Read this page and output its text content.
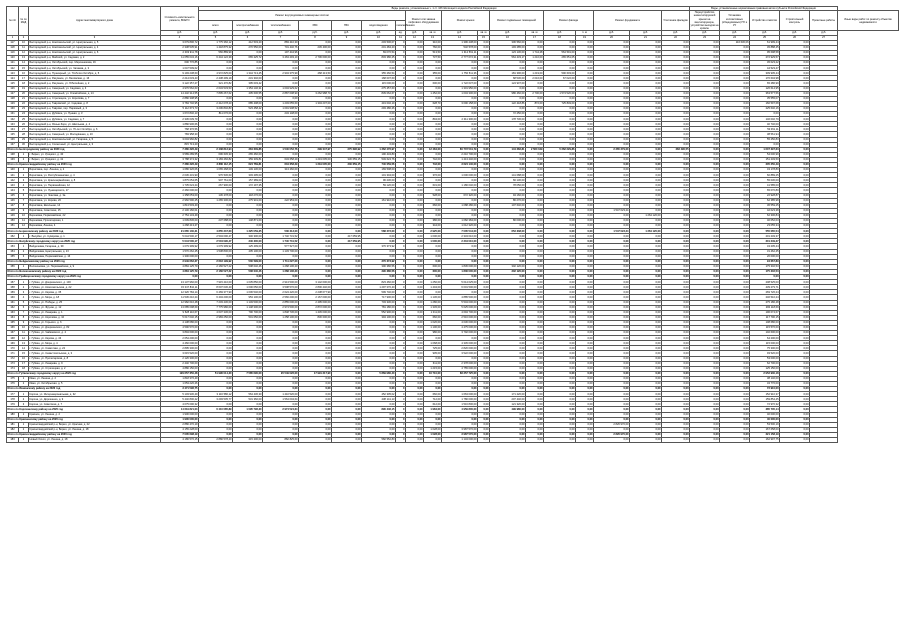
№ п/п	№ по МКД	Адрес многоквартирного дома	Стоимость капитального ремонта, ВСЕГО	Виды ремонта, установленные ч. 1 ст. 166 Жилищного кодекса Российской Федерации																		Виды, установленные нормативным правовым актом субъекта Российской Федерации					
				Ремонт внутридомовых инженерных систем							Ремонт или замена лифтового оборудования		Ремонт крыши		Ремонт подвальных помещений		Ремонт фасада		Ремонт фундамента		Утепление фасадов	Переустройство невентилируемой крыши на вентилируемую, устройство выходов на кровлю	Установка коллективных (общедомовых) ПУ и УУ	Устройство отмостки	Строительный контроль	Проектные работы	Иные виды работ по ремонту объектов недвижимости
				всего	электроснабжения	теплоснабжения	ХВС	ГВС	водоотведения	газоснабжения																	
			руб.	руб.	руб.	руб.	руб.	руб.	руб.	ед.	руб.	кв. м	руб.	кв. м	руб.	кв. м	руб.	п. м	руб.	руб.	руб.	руб.	руб.	руб.	руб.	руб.	
1	2	3	4	5	6	7	8	9	10	11	12	13	14	15	16	17	18	19	20	21	22	23	24	25	26	27	
117	10	Белгородский р-н, Комсомольский, ул. Центральная, д. 5	3 679 896,72	1 775 366,12	412 503,20	883 410,30	0,00	0,00	203 506,07	0	0,00	310,00	1 396 438,00	0,00	306 560,00	0,00	0,00	0,00	0,00	0,00	0,00	0,00	116 630,06	61 999,44	0,00		
118	11	Белгородский р-н, Комсомольский, ул. Центральная, д. 4	2 338 535,91	1 418 875,32	270 550,00	701 440,76	245 400,00	0,00	201 484,20	0	0,00	760,00	532 578,00	0,00	193 285,00	0,00	0,00	0,00	0,00	0,00	0,00	0,00	0,00	45 888,45	0,00		
119	12	Белгородский р-н, Комсомольский, ул. Центральная, д. 6	2 003 911,78	566 889,99	0,00	197 444,96	0,00	0,00	69 070,54	0	0,00	513,50	1 312 561,11	0,00	123 130,00	1 744,28	564 591,00	0,00	0,00	0,00	0,00	0,00	0,00	95 698,58	0,00		
120	13	Белгородский р-н, Майский, ул. Садовая, д. 2	11 055 034,16	6 444 122,39	665 225,72	3 463 493,10	2 706 600,00	0,00	803 380,25	0	0,00	737,50	2 777 672,31	0,00	564 433,17	1 210,00	265 651,05	0,00	0,00	0,00	0,00	0,00	0,00	272 929,57	0,00		
121	14	Белгородский р-н, Октябрьский, пер. Мирошникова, 16	600 776,85	0,00	0,00	0,00	0,00	0,00	0,00	0	0,00	0,00	0,00	0,00	0,00	0,00	0,00	0,00	0,00	0,00	0,00	0,00	0,00	45 023,22	0,00		
122	15	Белгородский р-н, Октябрьский, ул. Чапаева, д. 3	1 047 509,62	0,00	0,00	0,00	0,00	0,00	0,00	0	0,00	0,00	0,00	0,00	0,00	0,00	0,00	0,00	0,00	0,00	0,00	0,00	0,00	44 523,47	0,00		
123	16	Белгородский р-н, Пушкарный, ул. 70-Летия Октября, д. 5	9 193 238,60	4 972 825,00	1 344 713,45	2 904 375,99	468 213,50	0,00	355 260,54	0	0,00	355,00	1 750 511,36	0,00	181 396,00	1 219,00	590 603,00	0,00	0,00	0,00	0,00	0,00	0,00	309 905,44	0,00		
124	17	Белгородский р-н, Разумное, ул. Беловская, д. 16	2 214 033,43	2 438 499,19	231 302,00	0,00	0,00	0,00	168 007,60	0	0,00	0,00	0,00	0,00	68 530,00	2 016,00	67 022,00	0,00	0,00	0,00	0,00	0,00	0,00	170 604,98	0,00		
125	18	Белгородский р-н, Разумное, ул. Юбилейная, д. 2	3 122 357,27	321 470,82	395 003,42	0,00	0,00	0,00	115 000,00	0	0,00	600,00	1 722 637,00	0,00	124 907,00	0,00	0,00	0,00	0,00	0,00	0,00	0,00	0,00	65 286,99	0,00		
126	19	Белгородский р-н, Северный, ул. Садовая, д. 3	4 976 562,63	2 634 533,53	1 354 146,31	1 004 929,62	0,00	0,00	275 457,60	0	0,00	0,00	1 301 950,00	0,00	0,00	0,00	0,00	0,00	0,00	0,00	0,00	0,00	0,00	126 614,95	0,00		
127	20	Белгородский р-н, Северный, ул. Олимпийская, д. 14	14 432 314,55	7 895 267,62	405 606,55	2 887 608,90	3 262 988,70	0,00	839 062,67	0	0,00	1 452,00	1 004 300,00	0,00	986 460,00	2 700,00	1 574 520,00	0,00	0,00	0,00	0,00	0,00	0,00	363 577,56	0,00		
128	21	Белгородский р-н, Стрелецкое, ул. Королёва, д. 7	2 880 308,95	0,00	0,00	0,00	0,00	0,00	0,00	0	0,00	0,00	0,00	0,00	0,00	0,00	0,00	0,00	0,00	0,00	0,00	0,00	0,00	35 555,07	0,00		
129	22	Белгородский р-н, Тавровский, ул. Садовая, д. 8	3 784 702,95	2 412 078,23	685 408,00	1 203 655,60	1 304 207,00	0,00	419 002,10	0	0,00	628,70	3 090 158,00	0,00	122 418,86	872,00	725 849,00	0,00	0,00	0,00	0,00	0,00	0,00	160 597,68	0,00		
130	23	Белгородский р-н, Таврово, пер. Парковый, д. 3	5 112 673,73	3 206 802,83	523 458,42	1 091 908,52	0,00	0,00	293 480,26	0	0,00	0,00	0,00	0,00	0,00	0,00	0,00	0,00	0,00	0,00	0,00	0,00	0,00	225 640,16	0,00		
131	24	Белгородский р-н, Дубовое, ул. Лунная, д. 3	1 672 840,13	811 076,00	0,00	234 148,00	0,00	0,00	0,00	0	0,00	0,00	0,00	0,00	72 450,00	0,00	0,00	0,00	0,00	0,00	0,00	0,00	0,00	0,00	0,00		
132	25	Белгородский р-н, Дубовое, ул. Садовая, д. 7	2 336 039,79	0,00	0,00	0,00	0,00	0,00	0,00	0	0,00	894,00	2 011 300,00	0,00	178 736,00	0,00	0,00	0,00	0,00	0,00	0,00	0,00	0,00	146 002,79	0,00		
133	26	Белгородский р-н, Ясные Зори, ул. Школьная, д. 4	1 880 906,66	0,00	0,00	0,00	0,00	0,00	0,00	0	0,00	0,00	0,00	0,00	0,00	0,00	0,00	0,00	0,00	0,00	0,00	0,00	0,00	40 740,00	0,00		
134	27	Белгородский р-н, Октябрьский, ул. 70-лет Октября, д. 6	768 376,56	0,00	0,00	0,00	0,00	0,00	0,00	0	0,00	0,00	0,00	0,00	0,00	0,00	0,00	0,00	0,00	0,00	0,00	0,00	0,00	53 061,11	0,00		
135	28	Белгородский р-н, Северный, ул. Молодёжная, д. 10	783 958,30	0,00	0,00	0,00	0,00	0,00	0,00	0	0,00	0,00	0,00	0,00	0,00	0,00	0,00	0,00	0,00	0,00	0,00	0,00	0,00	38 561,94	0,00		
136	29	Белгородский р-н, Комсомольский, ул. Гагарина, д. 5	3 004 960,82	0,00	0,00	0,00	0,00	0,00	0,00	0	0,00	0,00	0,00	0,00	0,00	0,00	0,00	0,00	0,00	0,00	0,00	0,00	0,00	55 250,83	0,00		
137	30	Белгородский р-н, Солнечный, ул. Центральная, д. 3	815 713,20	0,00	0,00	0,00	0,00	0,00	0,00	0	0,00	0,00	0,00	0,00	0,00	0,00	0,00	0,00	0,00	0,00	0,00	0,00	0,00	0,00	0,00		
Итого по Белгородскому району на 2020 год			7 380 326,49	2 438 812,94	384 609,86	1 540 052,76	299 047,97	275 696,92	1 362 476,97	0	0,00	12 484,00	60 772 531,79	0,00	144 282,81	2 560 049	5 262 229,86	0,00	2 365 379,00	0,00	282 490,55	0,00	0,00	1 607 397,63	0,00		
138	1	г. Бирюч, ул. Урицкого, д. 40	3 589 289,55	696 645,33	265 460,00	0,00	0,00	0,00	190 434,80	0	0,00	0,00	2 210 700,00	0,00	0,00	0,00	0,00	0,00	0,00	0,00	0,00	0,00	0,00	54 000,99	0,00		
139	2	г. Бирюч, ул. Урицкого, д. 41	3 788 374,32	3 183 466,82	359 309,81	634 658,29	1 219 005,00	330 659,15	549 624,76	0	0,00	742,00	1 413 440,00	0,00	0,00	0,00	0,00	0,00	0,00	0,00	0,00	0,00	0,00	151 249,50	0,00		
Итого по Красногвардейскому району на 2020 год			7 380 326,49	3 880 112,15	624 769,81	634 658,29	1 219 005,00	330 659,15	740 059,56	0	0,00	742,00	3 624 140,00	0,00	0,00	0,00	0,00	0,00	0,00	0,00	0,00	0,00	0,00	205 250,49	0,00		
140	1	Борисовка, пер. Ленина, д. 2	1 686 326,06	1 065 468,00	149 130,00	313 260,00	0,00	0,00	169 508,00	0	0,00	0,00	0,00	0,00	0,00	0,00	0,00	0,00	0,00	0,00	0,00	0,00	0,00	43 178,80	0,00		
141	2	Борисовка, ул. Республиканская, д. 4	2 036 431,90	976 536,60	303 295,00	0,00	0,00	0,00	101 304,00	0	0,00	376,00	1 000 000,00	0,00	141 088,00	0,00	0,00	0,00	0,00	0,00	0,00	0,00	0,00	60 889,25	0,00		
142	3	Борисовка, ул. Красноармейская, д. 8	1 875 054,65	907 761,00	157 389,00	0,00	0,00	0,00	96 430,00	0	0,00	0,00	0,00	0,00	66 130,00	0,00	0,00	0,00	0,00	0,00	0,00	0,00	0,00	55 030,00	0,00		
143	4	Борисовка, ул. Первомайская, 12	1 735 624,24	267 900,00	172 197,35	0,00	0,00	0,00	59 120,00	0	0,00	631,00	1 180 040,00	0,00	78 050,00	0,00	0,00	0,00	0,00	0,00	0,00	0,00	0,00	41 585,00	0,00		
144	5	Борисовка, ул. Луначарского, 17	2 460 000,00	0,00	0,00	0,00	0,00	0,00	0,00	0	0,00	0,00	0,00	0,00	0,00	0,00	0,00	0,00	0,00	0,00	0,00	0,00	0,00	65 070,80	0,00		
145	6	Борисовка, ул. Чкалова, д. 3а	1 358 053,00	136 278,00	118 276,00	0,00	0,00	0,00	0,00	0	0,00	528,00	672 320,00	0,00	94 160,00	0,00	0,00	0,00	0,00	0,00	0,00	0,00	0,00	22 928,87	0,00		
146	7	Борисовка, ул. Кирова, 20	2 960 590,25	1 265 306,00	275 901,00	222 953,00	0,00	0,00	161 910,00	0	0,00	0,00	0,00	0,00	86 270,00	0,00	0,00	0,00	0,00	0,00	0,00	0,00	0,00	62 385,98	0,00		
147	8	Борисовка, Школьная, 14	1 813 503,40	0,00	0,00	0,00	0,00	0,00	0,00	0	0,00	666,00	1 088 480,00	0,00	107 640,00	0,00	0,00	0,00	0,00	0,00	0,00	0,00	0,00	36 559,25	0,00		
148	9	Борисовка, Советская, 15	2 146 160,01	0,00	0,00	0,00	0,00	0,00	0,00	0	0,00	0,00	0,00	0,00	0,00	0,00	0,00	0,00	1 547 023,24	0,00	0,00	0,00	0,00	42 023,38	0,00		
149	10	Березовка, Первомайская, 22	2 754 143,49	0,00	0,00	0,00	0,00	0,00	0,00	0	0,00	0,00	0,00	0,00	0,00	0,00	0,00	0,00	0,00	1 264 120,00	0,00	0,00	0,00	62 306,84	0,00		
150	11	Березовка, Пролетарская, 1	1 609 836,00	237 088,00	148 871,00	0,00	0,00	0,00	0,00	0	0,00	380,00	1 082 384,00	0,00	80 000,00	0,00	0,00	0,00	0,00	0,00	0,00	0,00	0,00	40 052,03	0,00		
151	12	Березовка, Ленина, 4	1 268 413,27	0,00	0,00	0,00	0,00	0,00	0,00	0	0,00	344,00	1 012 320,00	0,00	0,00	0,00	0,00	0,00	0,00	0,00	0,00	0,00	0,00	23 055,34	0,00		
Итого по Борисовскому району на 2020 год			21 665 130,31	4 855 337,60	1 325 059,35	536 213,00	0,00	0,00	588 272,00	0	0,00	2 925,00	7 035 544,00	0,00	653 338,00	0,00	0,00	0,00	1 547 023,24	1 264 120,00	0,00	0,00	0,00	555 065,54	0,00		
152	1	г. Валуйки, ул. Суворова, д. 1	5 044 500,17	2 504 090,47	346 300,00	1 740 731,52	0,00	417 059,95	0,00	0	0,00	1 000,00	2 334 010,00	0,00	0,00	0,00	0,00	0,00	0,00	0,00	0,00	0,00	0,00	201 249,37	0,00		
Итого по Валуйскому городскому округу на 2020 год			5 044 500,17	2 504 090,47	346 300,00	1 740 731,52	0,00	417 059,95	0,00	0	0,00	1 000,00	2 334 010,00	0,00	0,00	0,00	0,00	0,00	0,00	0,00	0,00	0,00	0,00	201 249,37	0,00		
153	1	Вейделевка, Гагарина, д. 39	1 079 399,92	1 079 399,92	125 499,00	577 527,00	0,00	0,00	376 373,92	0	0,00	0,00	0,00	0,00	0,00	0,00	0,00	0,00	0,00	0,00	0,00	0,00	0,00	43 205,44	0,00		
154	2	Вейделевка, Центральная, д. 13	1 570 262,45	1 538 800,00	405 100,00	1 133 700,00	0,00	0,00	0,00	0	0,00	0,00	0,00	0,00	0,00	0,00	0,00	0,00	0,00	0,00	0,00	0,00	0,00	31 462,45	0,00		
155	3	Вейделевка, Первомайская, д. 16	1 300 000,00	0,00	0,00	0,00	0,00	0,00	0,00	0	0,00	0,00	0,00	0,00	0,00	0,00	0,00	0,00	0,00	0,00	0,00	0,00	0,00	20 000,00	0,00		
Итого по Вейделевскому району на 2020 год			3 949 662,37	2 618 199,92	530 599,00	1 711 227,00	0,00	0,00	376 373,92	0	0,00	0,00	0,00	0,00	0,00	0,00	0,00	0,00	0,00	0,00	0,00	0,00	0,00	94 667,89	0,00		
156	1	Волоконовка, ул. Первомайская, д. 9	4 884 125,79	2 166 527,22	508 040,46	1 268 106,20	0,00	0,00	390 380,56	0	0,00	600,00	1 836 000,00	0,00	302 120,00	0,00	0,00	0,00	0,00	0,00	0,00	0,00	0,00	175 302,53	0,00		
Итого по Волоконовскому району на 2020 год			4 884 125,79	2 166 527,22	508 040,46	1 268 106,20	0,00	0,00	390 380,56	0	0,00	600,00	1 836 000,00	0,00	302 120,00	0,00	0,00	0,00	0,00	0,00	0,00	0,00	0,00	175 302,53	0,00		
Итого по Грайворонскому городскому округу на 2020 год			0,00	0,00	0,00	0,00	0,00	0,00	0,00	0	0,00	0,00	0,00	0,00	0,00	0,00	0,00	0,00	0,00	0,00	0,00	0,00	0,00	0,00	0,00		
157	1	г. Губкин, ул. Дзержинского, д. 103	13 137 960,00	7 915 410,00	1 035 850,00	2 913 500,00	3 142 600,00	0,00	823 460,00	0	0,00	1 250,00	5 014 025,00	0,00	0,00	0,00	0,00	0,00	0,00	0,00	0,00	0,00	0,00	208 525,00	0,00		
158	2	г. Губкин, ул. Комсомольская, д. 22	15 047 810,11	8 607 030,40	1 000 650,00	3 508 570,00	2 800 440,00	0,00	1 297 370,40	0	0,00	1 404,00	6 001 500,00	0,00	0,00	0,00	0,00	0,00	0,00	0,00	0,00	0,00	0,00	439 279,71	0,00		
159	3	г. Губкин, ул. Кирова, д. 35	12 326 784,14	6 469 377,90	1 006 540,00	2 624 420,00	2 238 677,90	0,00	599 740,00	0	0,00	0,00	0,00	0,00	0,00	0,00	0,00	0,00	0,00	0,00	0,00	0,00	0,00	269 726,24	0,00		
160	4	г. Губкин, ул. Мира, д. 18	11 536 210,24	6 404 200,00	953 100,00	2 566 200,00	2 167 000,00	0,00	717 900,00	0	0,00	1 136,00	4 885 500,00	0,00	0,00	0,00	0,00	0,00	0,00	0,00	0,00	0,00	0,00	246 510,24	0,00		
161	5	г. Губкин, ул. Победы, д. 25	12 982 616,48	7 203 430,00	1 149 500,00	2 855 000,00	2 495 600,00	0,00	703 330,00	0	0,00	1 280,00	5 504 000,00	0,00	0,00	0,00	0,00	0,00	0,00	0,00	0,00	0,00	0,00	275 186,48	0,00		
162	6	г. Губкин, ул. Фрунзе, д. 12	13 685 098,69	7 775 980,00	1 148 300,00	2 974 500,00	2 872 000,00	0,00	781 180,00	0	0,00	1 345,00	5 625 000,00	0,00	0,00	0,00	0,00	0,00	0,00	0,00	0,00	0,00	0,00	284 118,69	0,00		
163	7	г. Губкин, ул. Лазарева, д. 1	9 528 110,67	4 637 336,00	790 700,00	1 848 736,00	1 445 000,00	0,00	552 900,00	0	0,00	1 011,00	4 694 700,00	0,00	0,00	0,00	0,00	0,00	0,00	0,00	0,00	0,00	0,00	196 074,67	0,00		
164	8	г. Губкин, ул. Королёва, д. 10	5 617 040,15	2 983 250,00	501 050,00	1 258 100,00	830 000,00	0,00	394 100,00	0	0,00	660,00	2 516 000,00	0,00	0,00	0,00	0,00	0,00	0,00	0,00	0,00	0,00	0,00	117 790,15	0,00		
165	9	г. Губкин, ул. Горького, д. 6	4 138 680,00	0,00	0,00	0,00	0,00	0,00	0,00	0	0,00	1 020,00	4 030 000,00	0,00	0,00	0,00	0,00	0,00	0,00	0,00	0,00	0,00	0,00	108 680,00	0,00		
166	10	г. Губкин, ул. Дзержинского, д. 82	4 590 570,00	0,00	0,00	0,00	0,00	0,00	0,00	0	0,00	1 100,00	4 475 000,00	0,00	0,00	0,00	0,00	0,00	0,00	0,00	0,00	0,00	0,00	115 570,00	0,00		
167	11	г. Губкин, ул. Чайковского, д. 4	3 894 600,00	0,00	0,00	0,00	0,00	0,00	0,00	0	0,00	980,00	3 792 000,00	0,00	0,00	0,00	0,00	0,00	0,00	0,00	0,00	0,00	0,00	102 600,00	0,00		
168	12	г. Губкин, ул. Кирова, д. 43	2 654 200,00	0,00	0,00	0,00	0,00	0,00	0,00	0	0,00	0,00	0,00	0,00	0,00	0,00	0,00	0,00	0,00	0,00	0,00	0,00	0,00	64 200,00	0,00		
169	13	г. Губкин, ул. Мира, д. 4	4 460 000,00	0,00	0,00	0,00	0,00	0,00	0,00	0	0,00	1 068,00	4 345 000,00	0,00	0,00	0,00	0,00	0,00	0,00	0,00	0,00	0,00	0,00	115 000,00	0,00		
170	14	г. Губкин, ул. Советская, д. 22	2 895 300,00	0,00	0,00	0,00	0,00	0,00	0,00	0	0,00	725,00	2 820 000,00	0,00	0,00	0,00	0,00	0,00	0,00	0,00	0,00	0,00	0,00	75 300,00	0,00		
171	15	г. Губкин, ул. Севастопольская, д. 3	3 615 520,00	0,00	0,00	0,00	0,00	0,00	0,00	0	0,00	905,00	3 522 000,00	0,00	0,00	0,00	0,00	0,00	0,00	0,00	0,00	0,00	0,00	93 520,00	0,00		
172	16	г. Губкин, ул. Пролетарская, д. 8	2 126 300,00	0,00	0,00	0,00	0,00	0,00	0,00	0	0,00	0,00	0,00	0,00	0,00	0,00	0,00	0,00	0,00	0,00	0,00	0,00	0,00	53 000,00	0,00		
173	17	г. Губкин, ул. Лазарева, д. 9	2 440 700,00	0,00	0,00	0,00	0,00	0,00	0,00	0	0,00	611,00	2 378 000,00	0,00	0,00	0,00	0,00	0,00	0,00	0,00	0,00	0,00	0,00	62 700,00	0,00		
174	18	г. Губкин, ул. Стрелецкая, д. 2	4 880 150,00	0,00	0,00	0,00	0,00	0,00	0,00	0	0,00	1 215,00	4 755 000,00	0,00	0,00	0,00	0,00	0,00	0,00	0,00	0,00	0,00	0,00	125 150,00	0,00		
Итого по Губкинскому городскому округу на 2020 год			129 657 650,48	51 996 014,30	7 585 690,00	20 549 026,00	17 991 317,90	0,00	5 869 980,40	0	0,00	16 710,00	68 357 725,00	0,00	0,00	0,00	0,00	0,00	0,00	0,00	0,00	0,00	0,00	2 952 930,18	0,00		
175	1	Ивня, ул. Ленина, д. 2	1 818 376,49	0,00	0,00	0,00	0,00	0,00	0,00	0	0,00	0,00	0,00	0,00	0,00	0,00	0,00	0,00	0,00	0,00	0,00	0,00	0,00	38 140,00	0,00		
176	2	Ивня, ул. Октябрьская, д. 5	1 653 220,26	0,00	0,00	0,00	0,00	0,00	0,00	0	0,00	0,00	0,00	0,00	0,00	0,00	0,00	0,00	0,00	0,00	0,00	0,00	0,00	34 770,00	0,00		
Итого по Ивнянскому району на 2020 год			3 471 596,75	0,00	0,00	0,00	0,00	0,00	0,00	0	0,00	0,00	0,00	0,00	0,00	0,00	0,00	0,00	0,00	0,00	0,00	0,00	0,00	72 910,00	0,00		
177	1	Короча, ул. Интернациональная, д. 32	5 103 930,49	3 116 580,12	564 436,30	1 410 520,00	0,00	0,00	452 305,02	0	0,00	660,00	1 663 000,00	0,00	171 220,00	0,00	0,00	0,00	0,00	0,00	0,00	0,00	0,00	152 910,37	0,00		
178	2	Короча, ул. Дорошенко, д. 9	5 440 800,22	3 293 505,77	531 360,00	1 564 004,64	0,00	0,00	438 141,13	0	0,00	712,00	1 780 000,00	0,00	207 440,00	0,00	0,00	0,00	0,00	0,00	0,00	0,00	0,00	159 854,45	0,00		
179	3	Короча, ул. Советская, д. 7	4 075 090,32	0,00	0,00	0,00	0,00	0,00	0,00	0	0,00	612,00	1 516 800,00	0,00	121 320,00	0,00	0,00	0,00	0,00	0,00	0,00	0,00	0,00	72 970,32	0,00		
Итого по Корочанскому району на 2020 год			14 619 821,03	6 410 085,89	1 095 796,30	2 974 524,64	0,00	0,00	890 446,15	0	0,00	1 984,00	4 959 800,00	0,00	499 980,00	0,00	0,00	0,00	0,00	0,00	0,00	0,00	0,00	385 735,14	0,00		
180	1	Красное, ул. Ленина, д. 2	1 900 000,00	0,00	0,00	0,00	0,00	0,00	0,00	0	0,00	0,00	0,00	0,00	0,00	0,00	0,00	0,00	0,00	0,00	0,00	0,00	0,00	40 000,00	0,00		
Итого по Красненскому району на 2020 год			1 900 000,00	0,00	0,00	0,00	0,00	0,00	0,00	0	0,00	0,00	0,00	0,00	0,00	0,00	0,00	0,00	0,00	0,00	0,00	0,00	0,00	40 000,00	0,00		
181	1	Красногвардейский р-н, Бирюч, ул. Красная, д. 22	2 880 470,19	0,00	0,00	0,00	0,00	0,00	0,00	0	0,00	0,00	0,00	0,00	0,00	0,00	0,00	0,00	2 826 970,00	0,00	0,00	0,00	0,00	53 500,19	0,00		
182	2	Красногвардейский р-н, Бирюч, ул. Ленина, д. 18	4 155 228,00	0,00	0,00	0,00	0,00	0,00	0,00	0	0,00	1 028,00	3 987 570,00	0,00	0,00	0,00	0,00	0,00	0,00	0,00	0,00	0,00	0,00	167 658,00	0,00		
Итого по Красногвардейскому району на 2020 год			7 035 698,19	0,00	0,00	0,00	0,00	0,00	0,00	0	0,00	1 028,00	3 987 570,00	0,00	0,00	0,00	0,00	0,00	2 826 970,00	0,00	0,00	0,00	0,00	221 158,19	0,00		
183	1	Новый Оскол, ул. Ленина, д. 18	4 186 576,15	2 880 578,40	415 200,00	882 825,60	0,00	0,00	582 552,80	0	0,00	0,00	1 143 000,00	0,00	0,00	0,00	0,00	0,00	0,00	0,00	0,00	0,00	0,00	162 997,75	0,00		
